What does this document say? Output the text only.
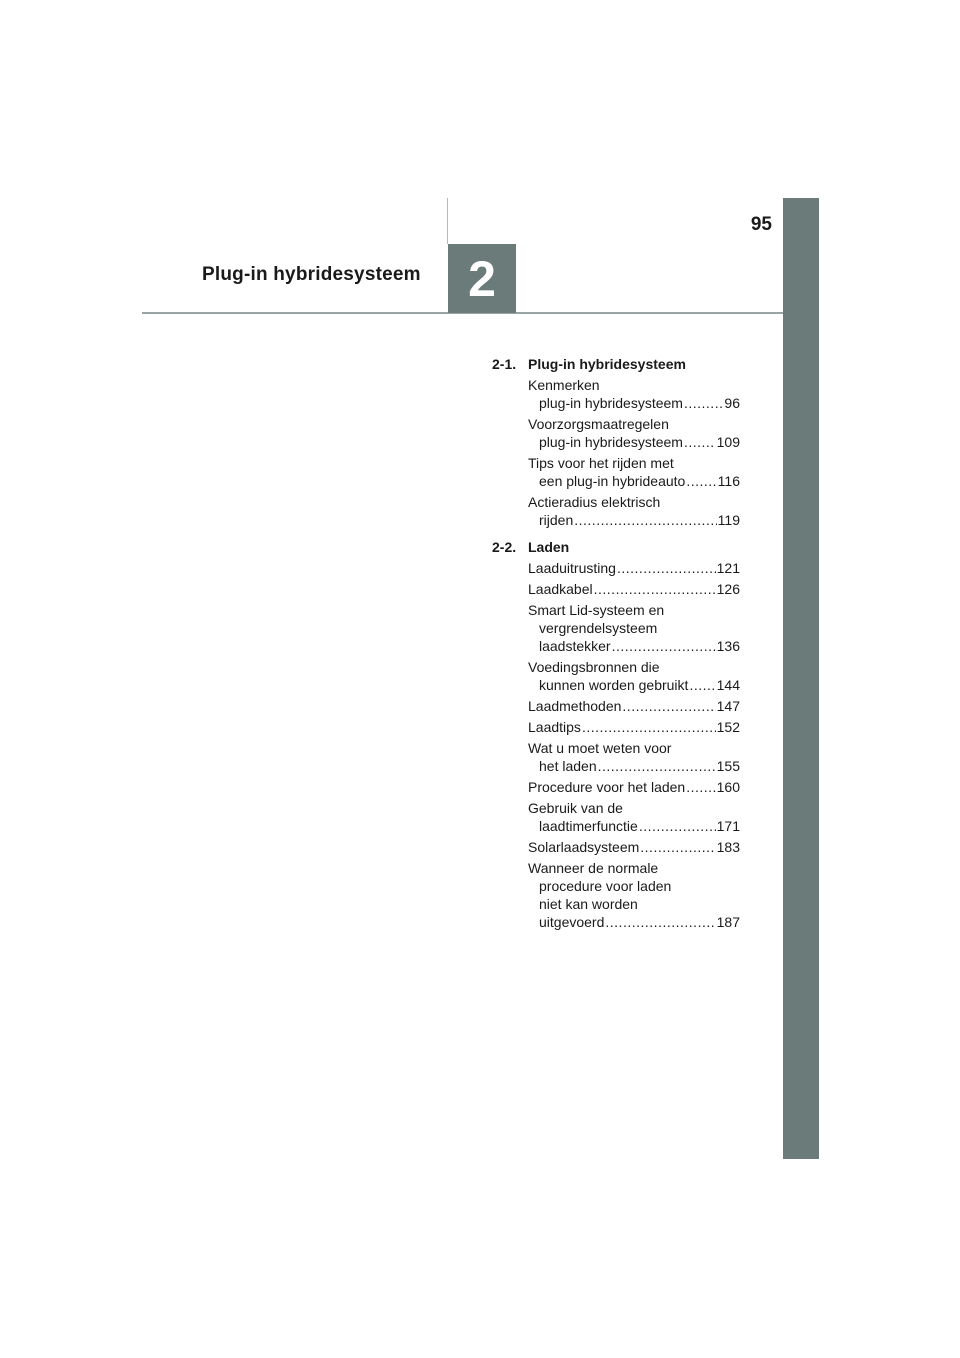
2
95
Plug-in hybridesysteem
2-1. Plug-in hybridesysteem
Kenmerken
plug-in hybridesysteem .....	96
Voorzorgsmaatregelen
plug-in hybridesysteem ..... 109
Tips voor het rijden met
een plug-in hybrideauto ..... 116
Actieradius elektrisch
rijden .....	119
2-2. Laden
Laaduitrusting .....	121
Laadkabel .....	126
Smart Lid-systeem en
vergrendelsysteem
laadstekker .....	136
Voedingsbronnen die
kunnen worden gebruikt ..... 144
Laadmethoden .....	147
Laadtips .....	152
Wat u moet weten voor
het laden .....	155
Procedure voor het laden ..... 160
Gebruik van de
laadtimerfunctie .....	171
Solarlaadsysteem .....	183
Wanneer de normale
procedure voor laden
niet kan worden
uitgevoerd .....	187
